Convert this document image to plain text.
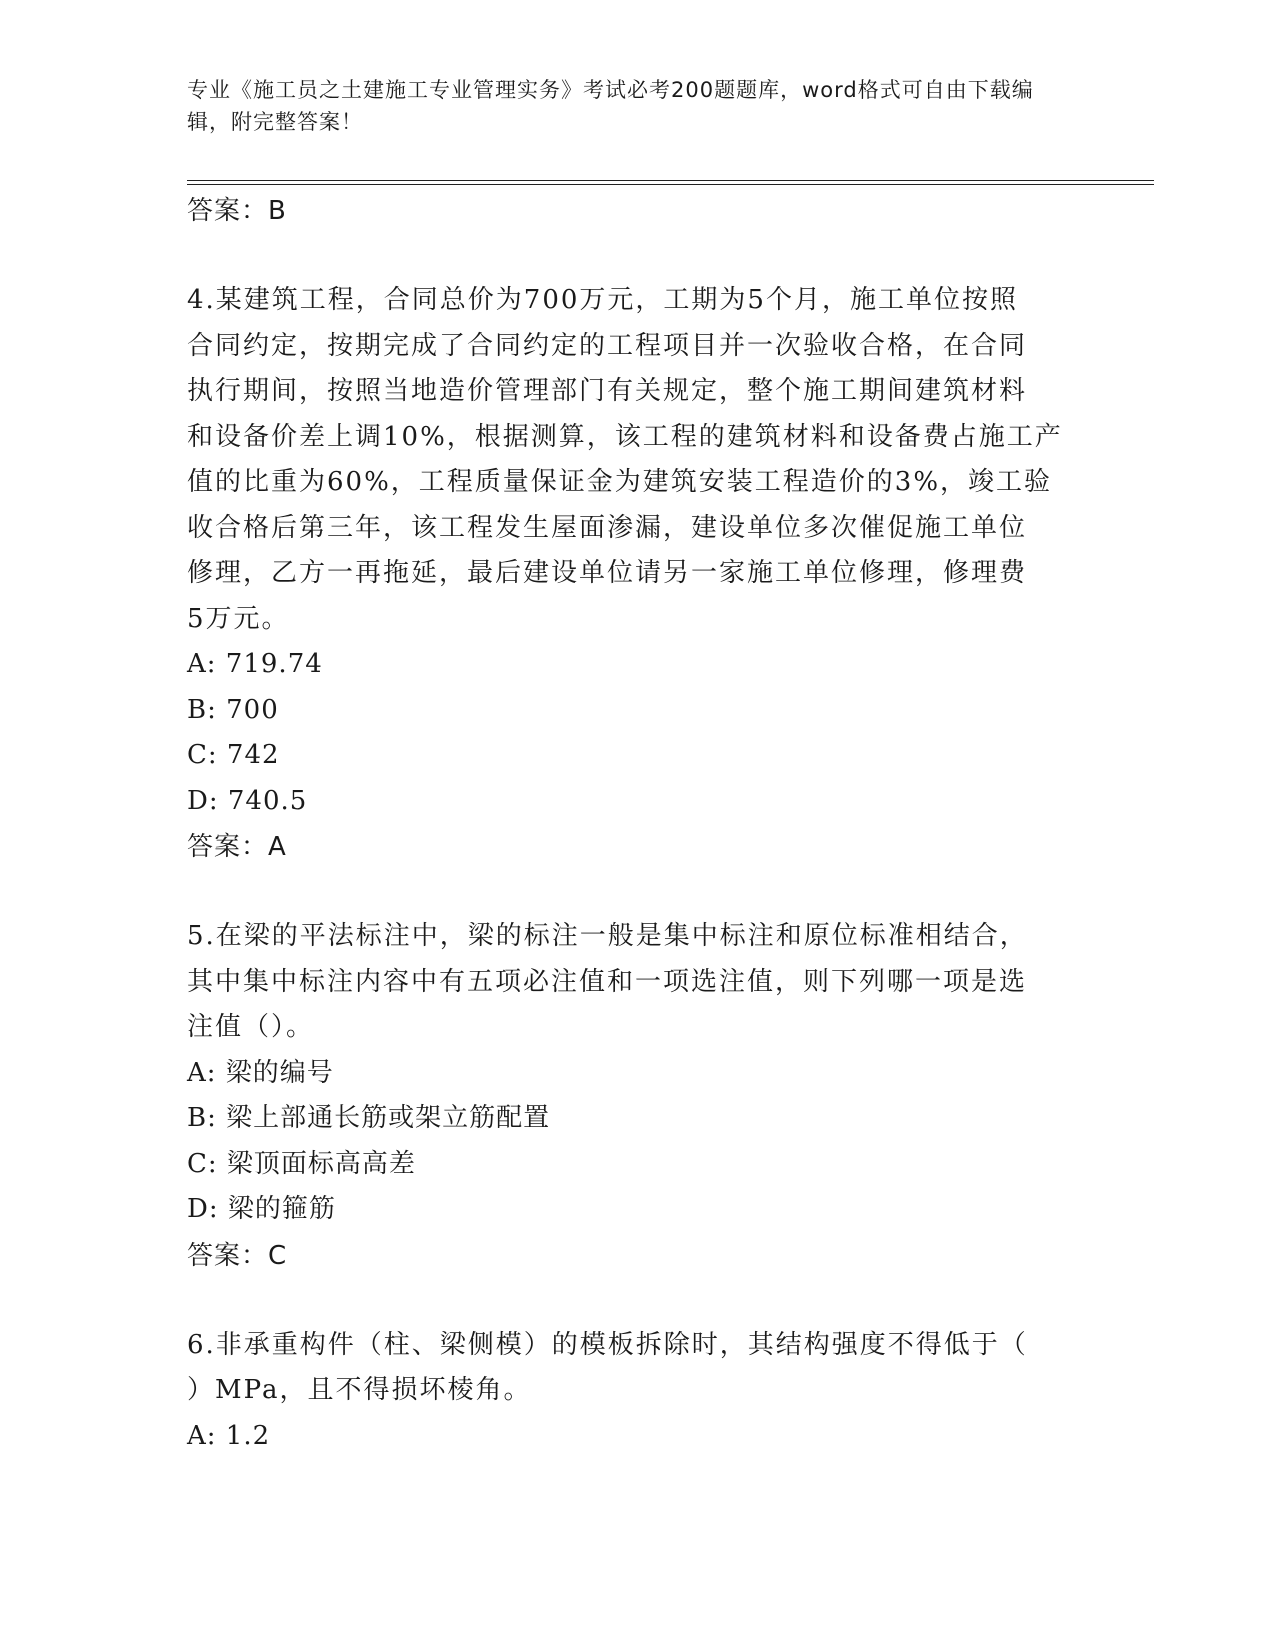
专业《施工员之土建施工专业管理实务》考试必考200题题库，word格式可自由下载编辑，附完整答案！
答案：B
4.某建筑工程，合同总价为700万元，工期为5个月，施工单位按照
合同约定，按期完成了合同约定的工程项目并一次验收合格，在合同
执行期间，按照当地造价管理部门有关规定，整个施工期间建筑材料
和设备价差上调10%，根据测算，该工程的建筑材料和设备费占施工产
值的比重为60%，工程质量保证金为建筑安装工程造价的3%，竣工验
收合格后第三年，该工程发生屋面渗漏，建设单位多次催促施工单位
修理，乙方一再拖延，最后建设单位请另一家施工单位修理，修理费
5万元。
A: 719.74
B: 700
C: 742
D: 740.5
答案：A
5.在梁的平法标注中，梁的标注一般是集中标注和原位标准相结合，
其中集中标注内容中有五项必注值和一项选注值，则下列哪一项是选
注值（）。
A: 梁的编号
B: 梁上部通长筋或架立筋配置
C: 梁顶面标高高差
D: 梁的箍筋
答案：C
6.非承重构件（柱、梁侧模）的模板拆除时，其结构强度不得低于（
）MPa，且不得损坏棱角。
A: 1.2
